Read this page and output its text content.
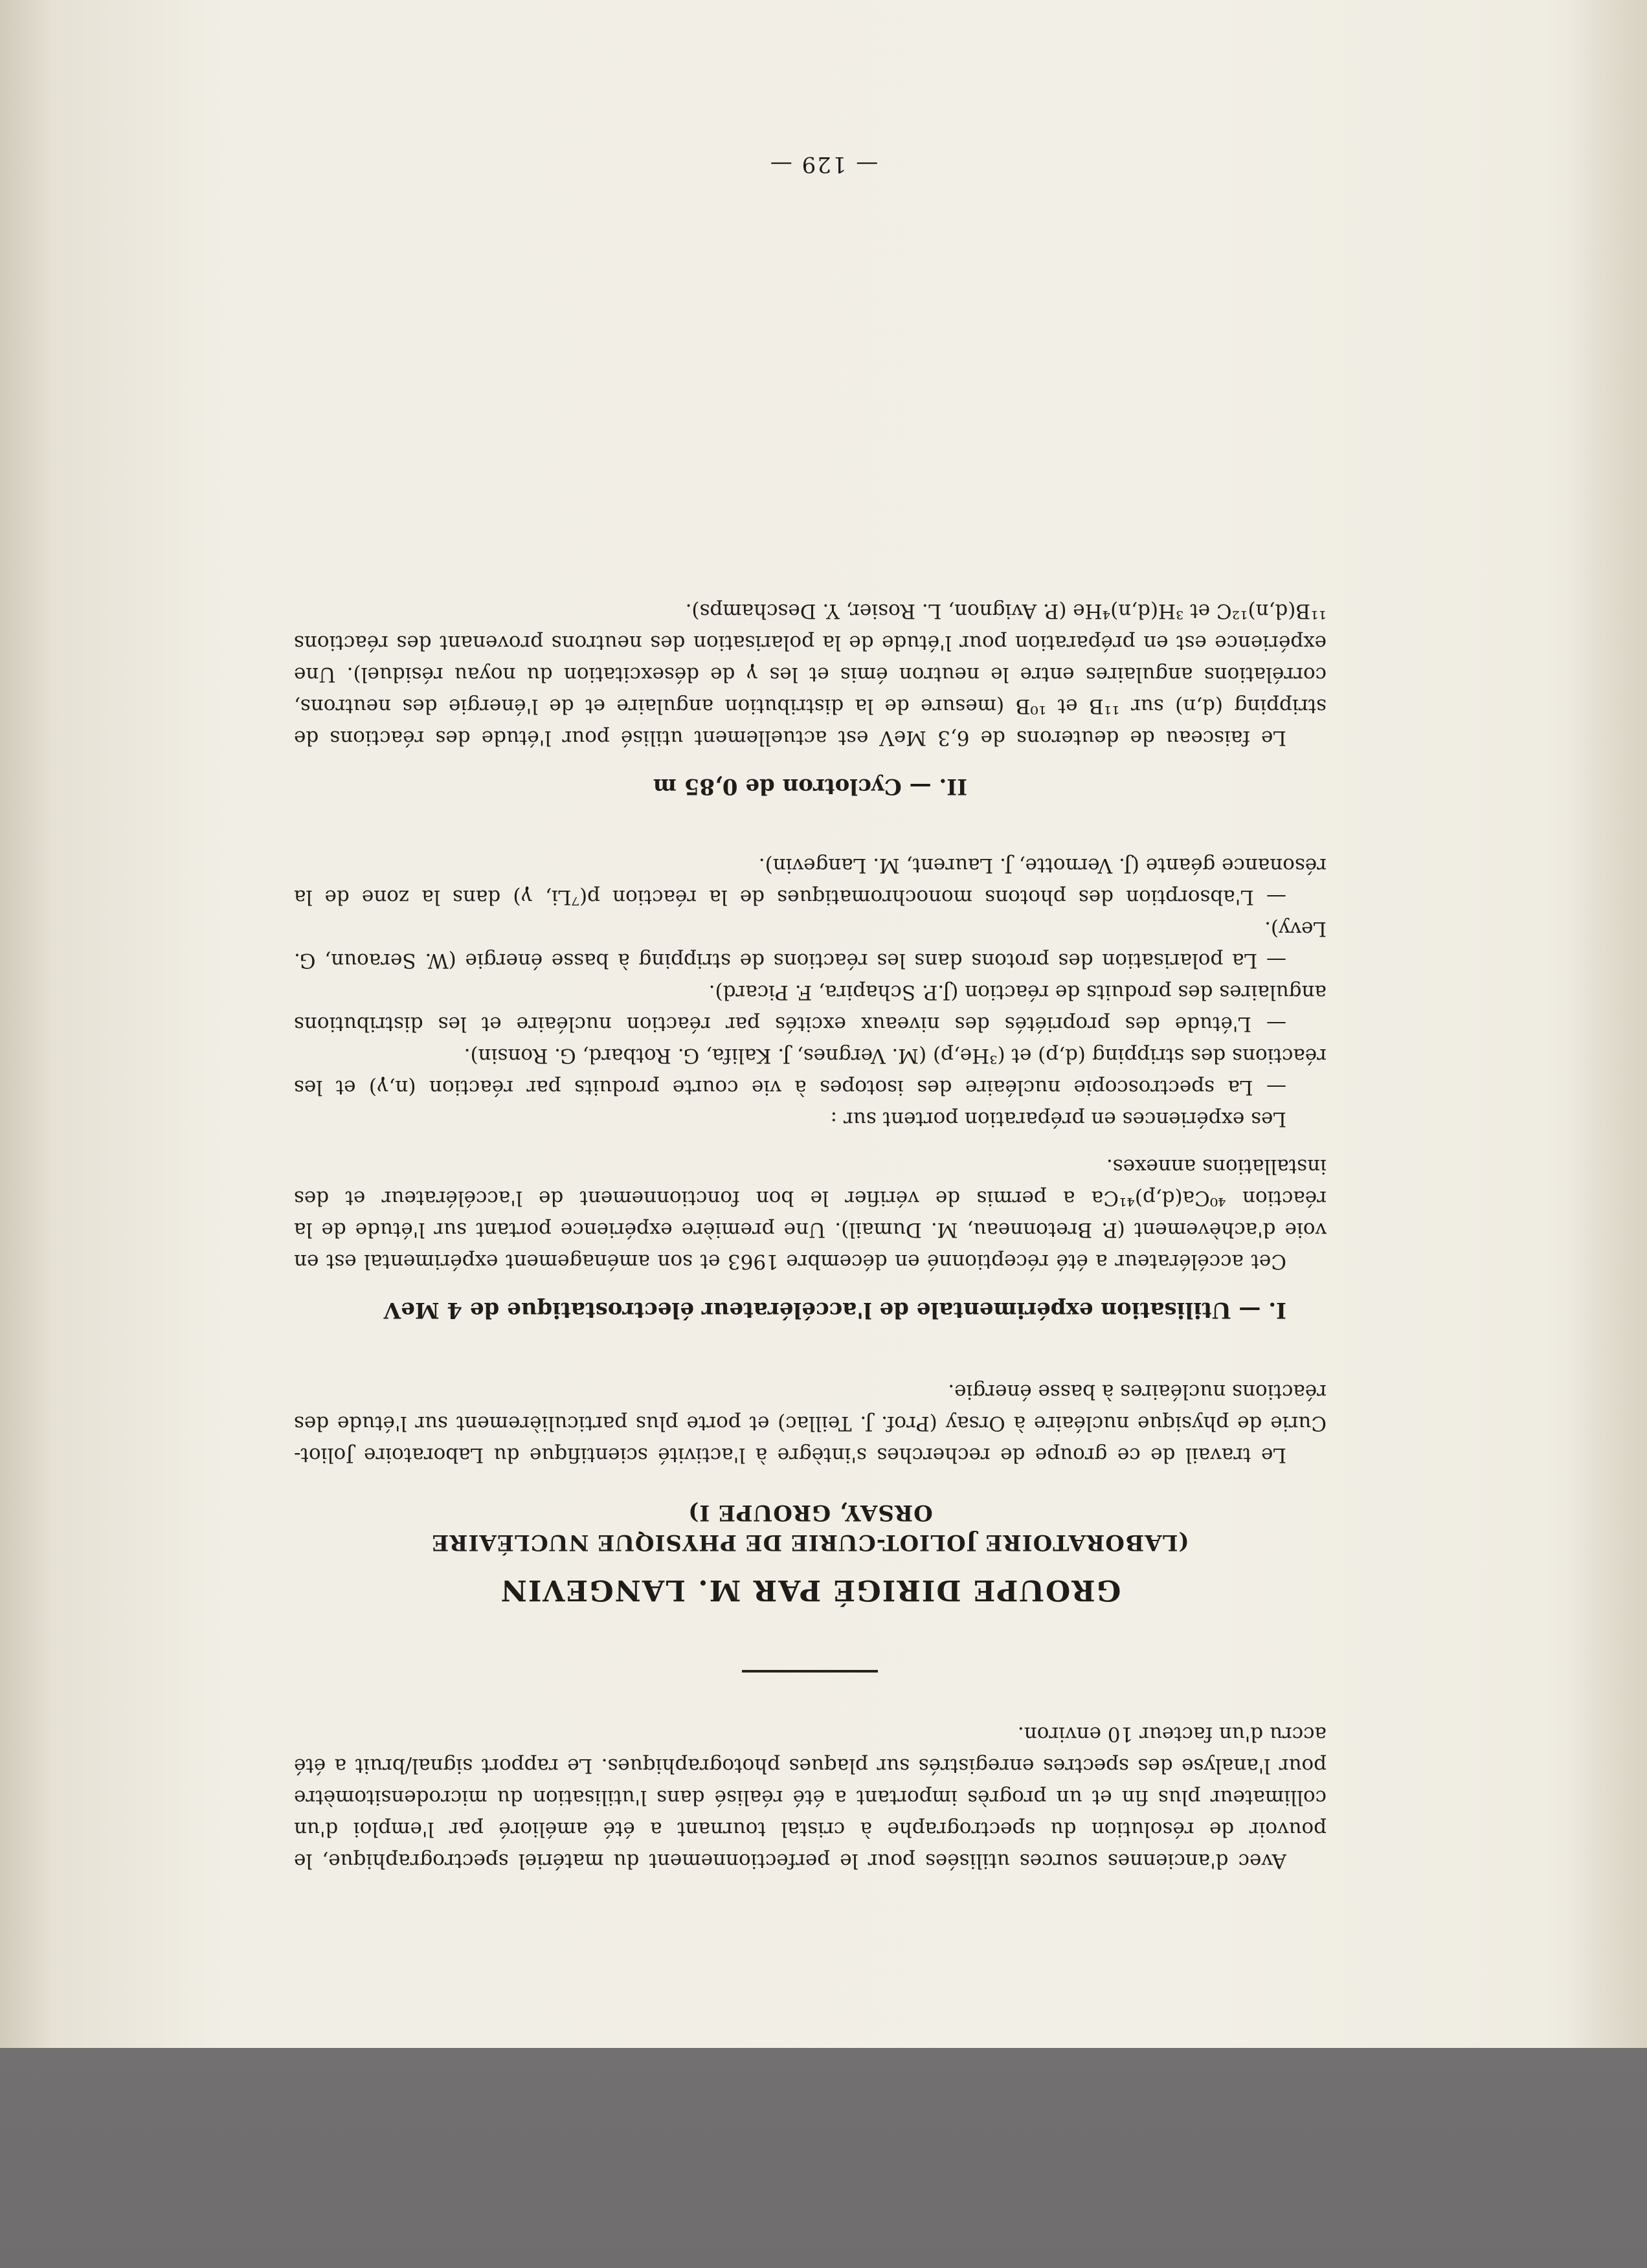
Avec d'anciennes sources utilisées pour le perfectionnement du matériel spectrographique, le pouvoir de résolution du spectrographe à cristal tournant a été amélioré par l'emploi d'un collimateur plus fin et un progrès important a été réalisé dans l'utilisation du microdensitomètre pour l'analyse des spectres enregistrés sur plaques photographiques. Le rapport signal/bruit a été accru d'un facteur 10 environ.

GROUPE DIRIGÉ PAR M. LANGEVIN

(LABORATOIRE JOLIOT-CURIE DE PHYSIQUE NUCLÉAIRE

ORSAY, GROUPE I)

Le travail de ce groupe de recherches s'intègre à l'activité scientifique du Laboratoire Joliot-Curie de physique nucléaire à Orsay (Prof. J. Teillac) et porte plus particulièrement sur l'étude des réactions nucléaires à basse énergie.

I. — Utilisation expérimentale de l'accélérateur électrostatique de 4 MeV

Cet accélérateur a été réceptionné en décembre 1963 et son aménagement expérimental est en voie d'achèvement (P. Bretonneau, M. Dumail). Une première expérience portant sur l'étude de la réaction ⁴⁰Ca(d,p)⁴¹Ca a permis de vérifier le bon fonctionnement de l'accélérateur et des installations annexes.

Les expériences en préparation portent sur :

— La spectroscopie nucléaire des isotopes à vie courte produits par réaction (n,γ) et les réactions des stripping (d,p) et (³He,p) (M. Vergnes, J. Kalifa, G. Rotbard, G. Ronsin).

— L'étude des propriétés des niveaux excités par réaction nucléaire et les distributions angulaires des produits de réaction (J.P. Schapira, F. Picard).

— La polarisation des protons dans les réactions de stripping à basse énergie (W. Seraoun, G. Levy).

— L'absorption des photons monochromatiques de la réaction p(⁷Li, γ) dans la zone de la résonance géante (J. Vernotte, J. Laurent, M. Langevin).

II. — Cyclotron de 0,85 m

Le faisceau de deuterons de 6,3 MeV est actuellement utilisé pour l'étude des réactions de stripping (d,n) sur ¹¹B et ¹⁰B (mesure de la distribution angulaire et de l'énergie des neutrons, corrélations angulaires entre le neutron émis et les γ de désexcitation du noyau résiduel). Une expérience est en préparation pour l'étude de la polarisation des neutrons provenant des réactions ¹¹B(d,n)¹²C et ³H(d,n)⁴He (P. Avignon, L. Rosier, Y. Deschamps).

— 129 —
